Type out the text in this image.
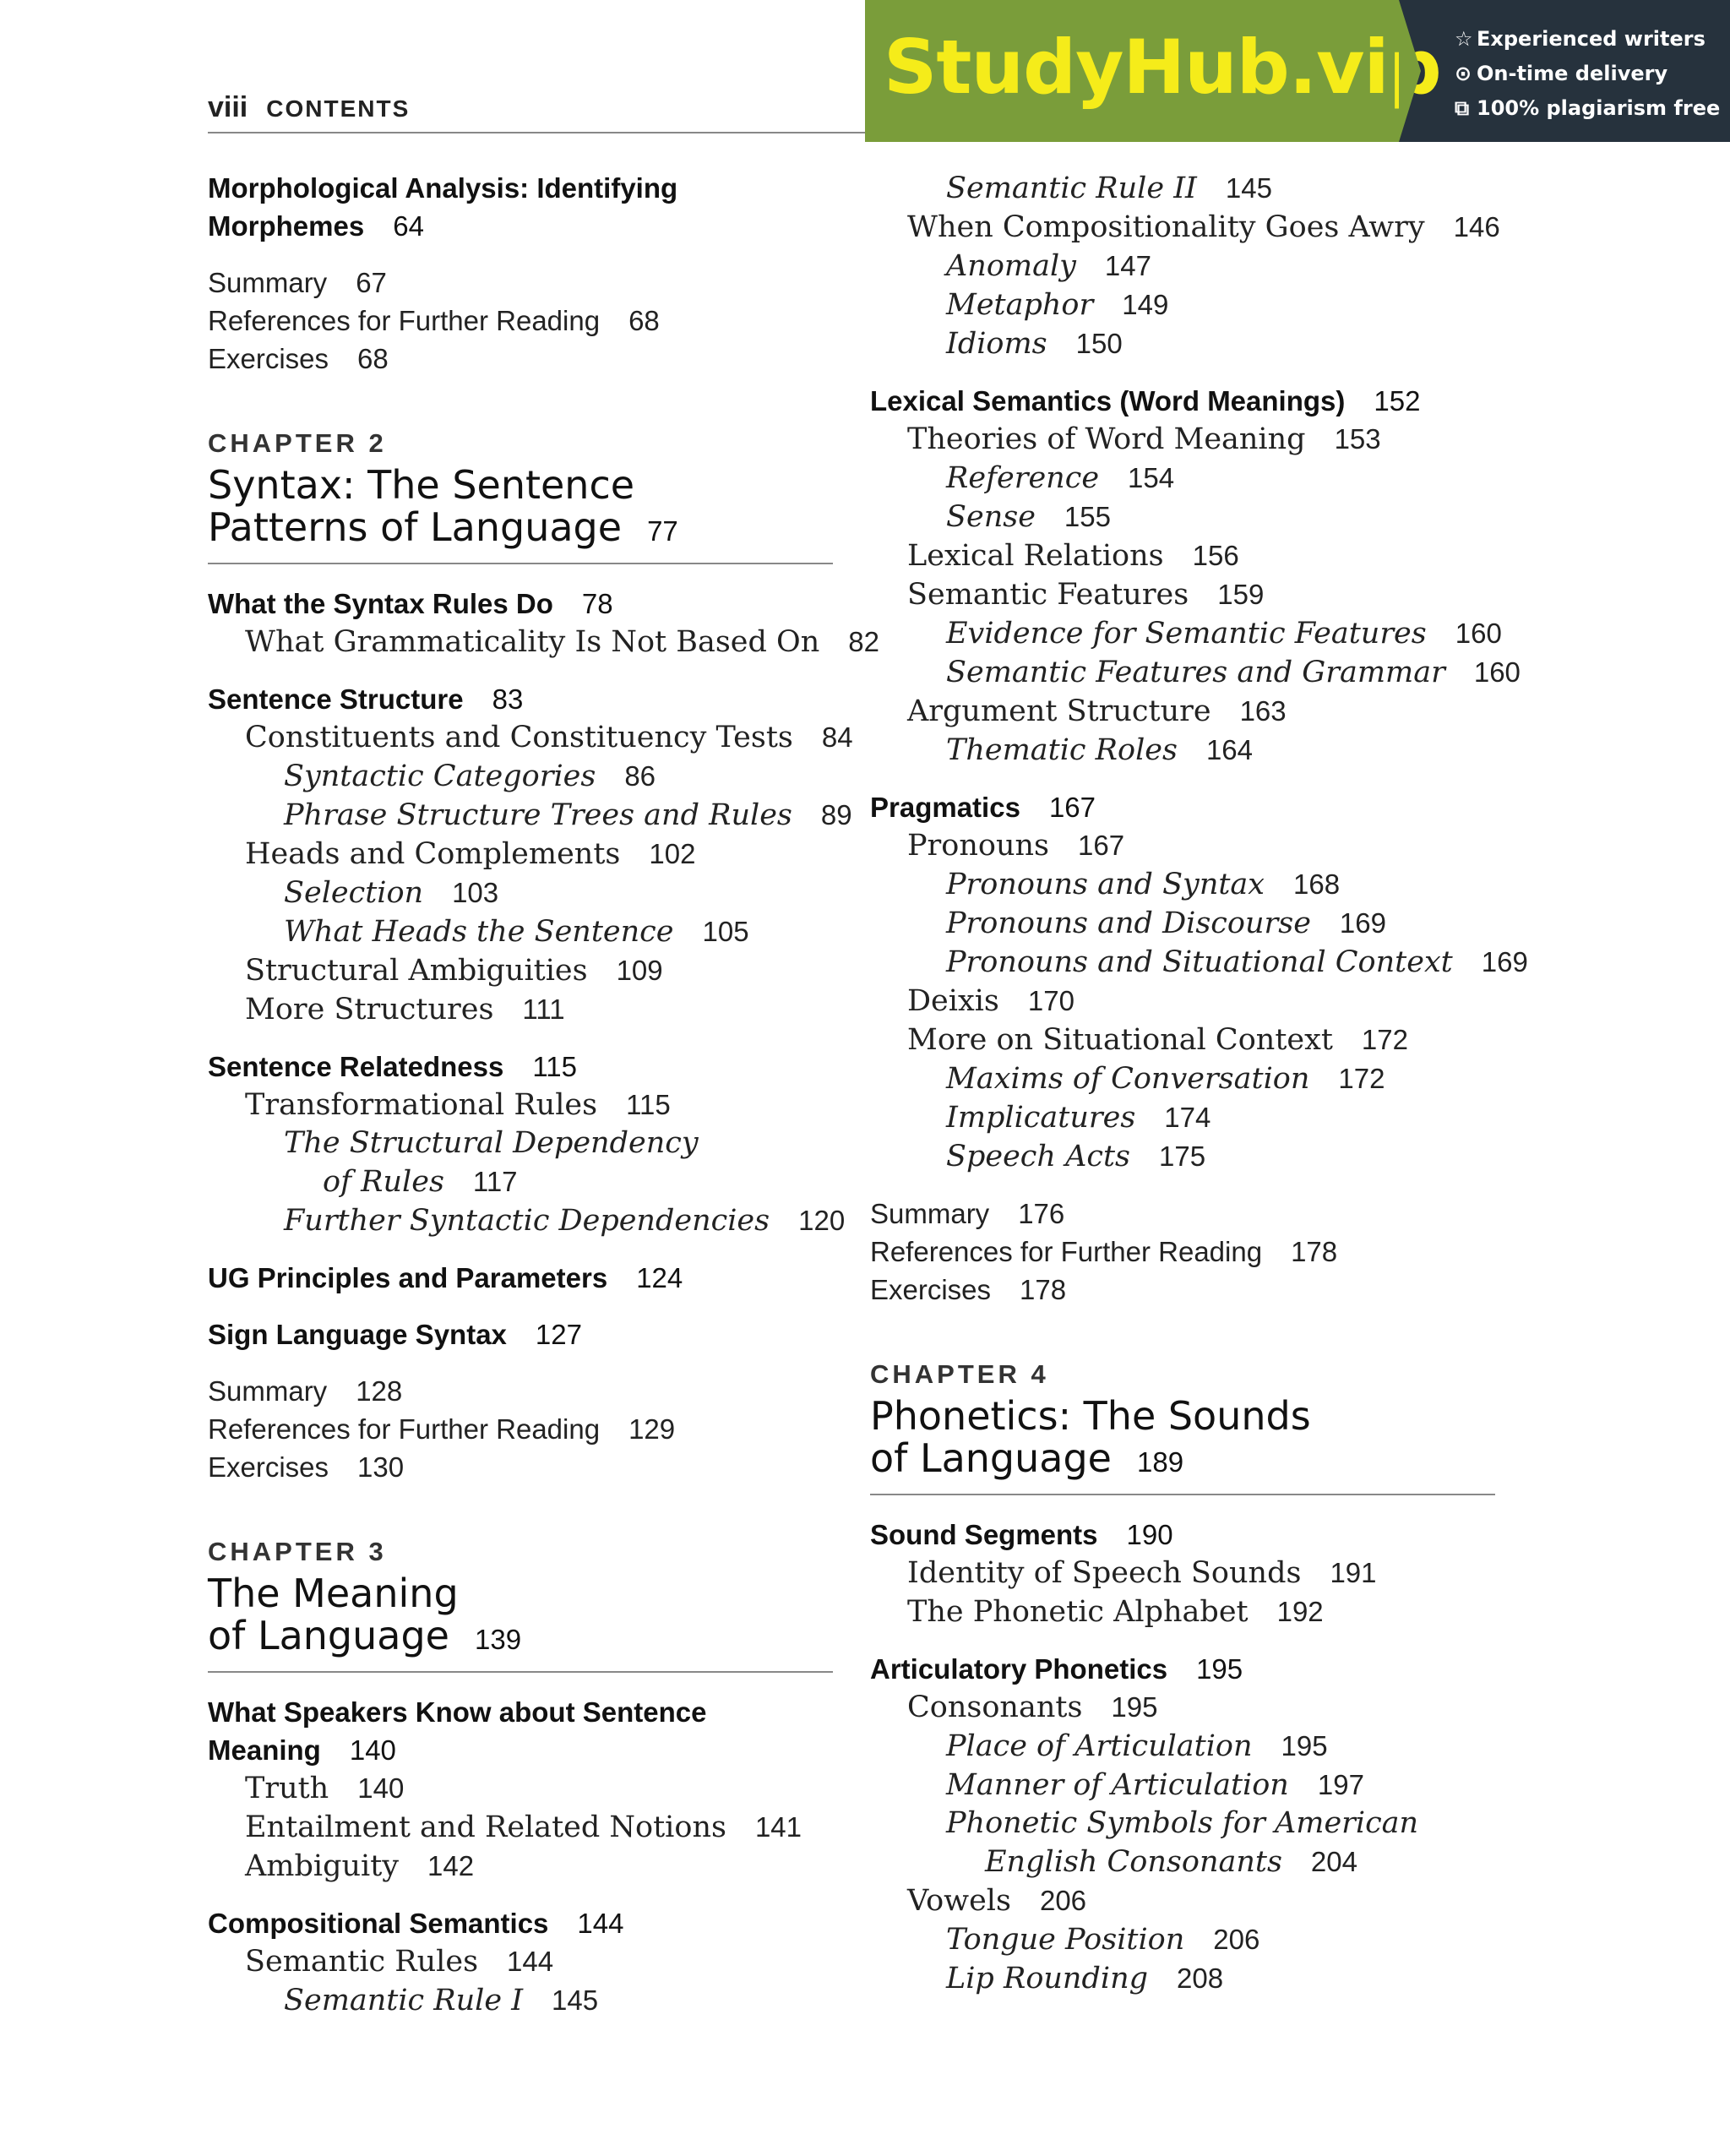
viii CONTENTS	StudyHub.vip ☆ Experienced writers
⊙ On-time delivery
⧉ 100% plagiarism free
Morphological Analysis: Identifying
Morphemes 64
Summary 67
References for Further Reading 68
Exercises 68
CHAPTER 2
Syntax: The Sentence
Patterns of Language 77
What the Syntax Rules Do 78
What Grammaticality Is Not Based On 82
Sentence Structure 83
Constituents and Constituency Tests 84
Syntactic Categories 86
Phrase Structure Trees and Rules 89
Heads and Complements 102
Selection 103
What Heads the Sentence 105
Structural Ambiguities 109
More Structures 111
Sentence Relatedness 115
Transformational Rules 115
The Structural Dependency
of Rules 117
Further Syntactic Dependencies 120
UG Principles and Parameters 124
Sign Language Syntax 127
Summary 128
References for Further Reading 129
Exercises 130
CHAPTER 3
The Meaning
of Language 139
What Speakers Know about Sentence
Meaning 140
Truth 140
Entailment and Related Notions 141
Ambiguity 142
Compositional Semantics 144
Semantic Rules 144
Semantic Rule I 145
Semantic Rule II 145
When Compositionality Goes Awry 146
Anomaly 147
Metaphor 149
Idioms 150
Lexical Semantics (Word Meanings) 152
Theories of Word Meaning 153
Reference 154
Sense 155
Lexical Relations 156
Semantic Features 159
Evidence for Semantic Features 160
Semantic Features and Grammar 160
Argument Structure 163
Thematic Roles 164
Pragmatics 167
Pronouns 167
Pronouns and Syntax 168
Pronouns and Discourse 169
Pronouns and Situational Context 169
Deixis 170
More on Situational Context 172
Maxims of Conversation 172
Implicatures 174
Speech Acts 175
Summary 176
References for Further Reading 178
Exercises 178
CHAPTER 4
Phonetics: The Sounds
of Language 189
Sound Segments 190
Identity of Speech Sounds 191
The Phonetic Alphabet 192
Articulatory Phonetics 195
Consonants 195
Place of Articulation 195
Manner of Articulation 197
Phonetic Symbols for American
English Consonants 204
Vowels 206
Tongue Position 206
Lip Rounding 208
